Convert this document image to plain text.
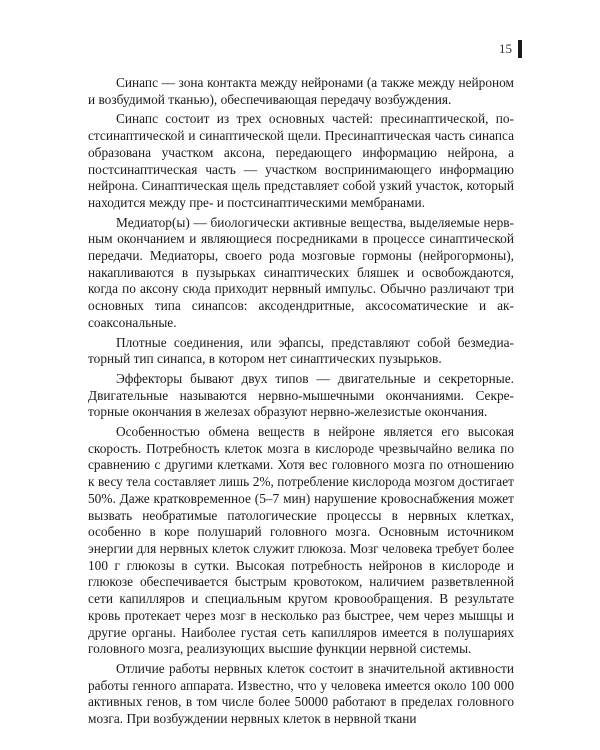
15

Синапс — зона контакта между нейронами (а также между нейроном и возбудимой тканью), обеспечивающая передачу возбуждения.

Синапс состоит из трех основных частей: пресинаптической, постсинаптической и синаптической щели. Пресинаптическая часть синапса образована участком аксона, передающего информацию нейрона, а постсинаптическая часть — участком воспринимающего информацию нейрона. Синаптическая щель представляет собой узкий участок, который находится между пре- и постсинаптическими мембранами.

Медиатор(ы) — биологически активные вещества, выделяемые нервным окончанием и являющиеся посредниками в процессе синаптической передачи. Медиаторы, своего рода мозговые гормоны (нейрогормоны), накапливаются в пузырьках синаптических бляшек и освобождаются, когда по аксону сюда приходит нервный импульс. Обычно различают три основных типа синапсов: аксодендритные, аксосоматические и аксоаксональные.

Плотные соединения, или эфапсы, представляют собой безмедиаторный тип синапса, в котором нет синаптических пузырьков.

Эффекторы бывают двух типов — двигательные и секреторные. Двигательные называются нервно-мышечными окончаниями. Секреторные окончания в железах образуют нервно-железистые окончания.

Особенностью обмена веществ в нейроне является его высокая скорость. Потребность клеток мозга в кислороде чрезвычайно велика по сравнению с другими клетками. Хотя вес головного мозга по отношению к весу тела составляет лишь 2%, потребление кислорода мозгом достигает 50%. Даже кратковременное (5–7 мин) нарушение кровоснабжения может вызвать необратимые патологические процессы в нервных клетках, особенно в коре полушарий головного мозга. Основным источником энергии для нервных клеток служит глюкоза. Мозг человека требует более 100 г глюкозы в сутки. Высокая потребность нейронов в кислороде и глюкозе обеспечивается быстрым кровотоком, наличием разветвленной сети капилляров и специальным кругом кровообращения. В результате кровь протекает через мозг в несколько раз быстрее, чем через мышцы и другие органы. Наиболее густая сеть капилляров имеется в полушариях головного мозга, реализующих высшие функции нервной системы.

Отличие работы нервных клеток состоит в значительной активности работы генного аппарата. Известно, что у человека имеется около 100 000 активных генов, в том числе более 50000 работают в пределах головного мозга. При возбуждении нервных клеток в нервной ткани
